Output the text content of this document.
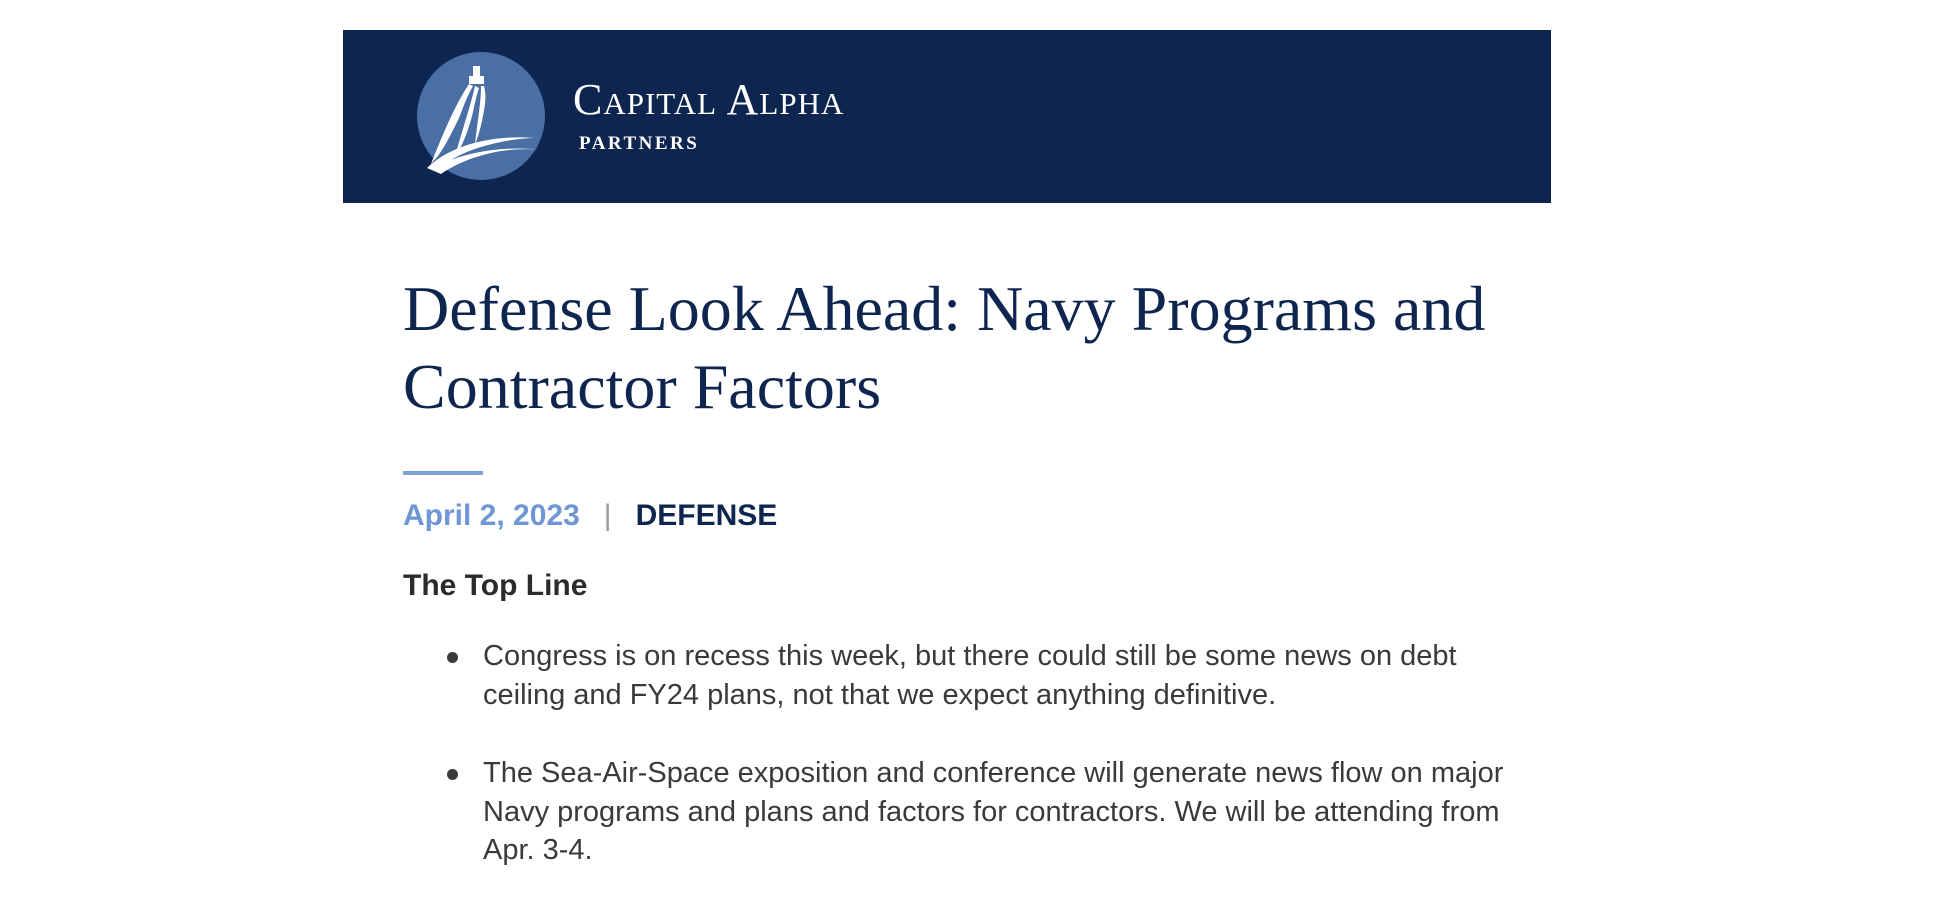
Capital Alpha
PARTNERS
Defense Look Ahead: Navy Programs and Contractor Factors
April 2, 2023 | DEFENSE
The Top Line
Congress is on recess this week, but there could still be some news on debt ceiling and FY24 plans, not that we expect anything definitive.
The Sea-Air-Space exposition and conference will generate news flow on major Navy programs and plans and factors for contractors. We will be attending from Apr. 3-4.
